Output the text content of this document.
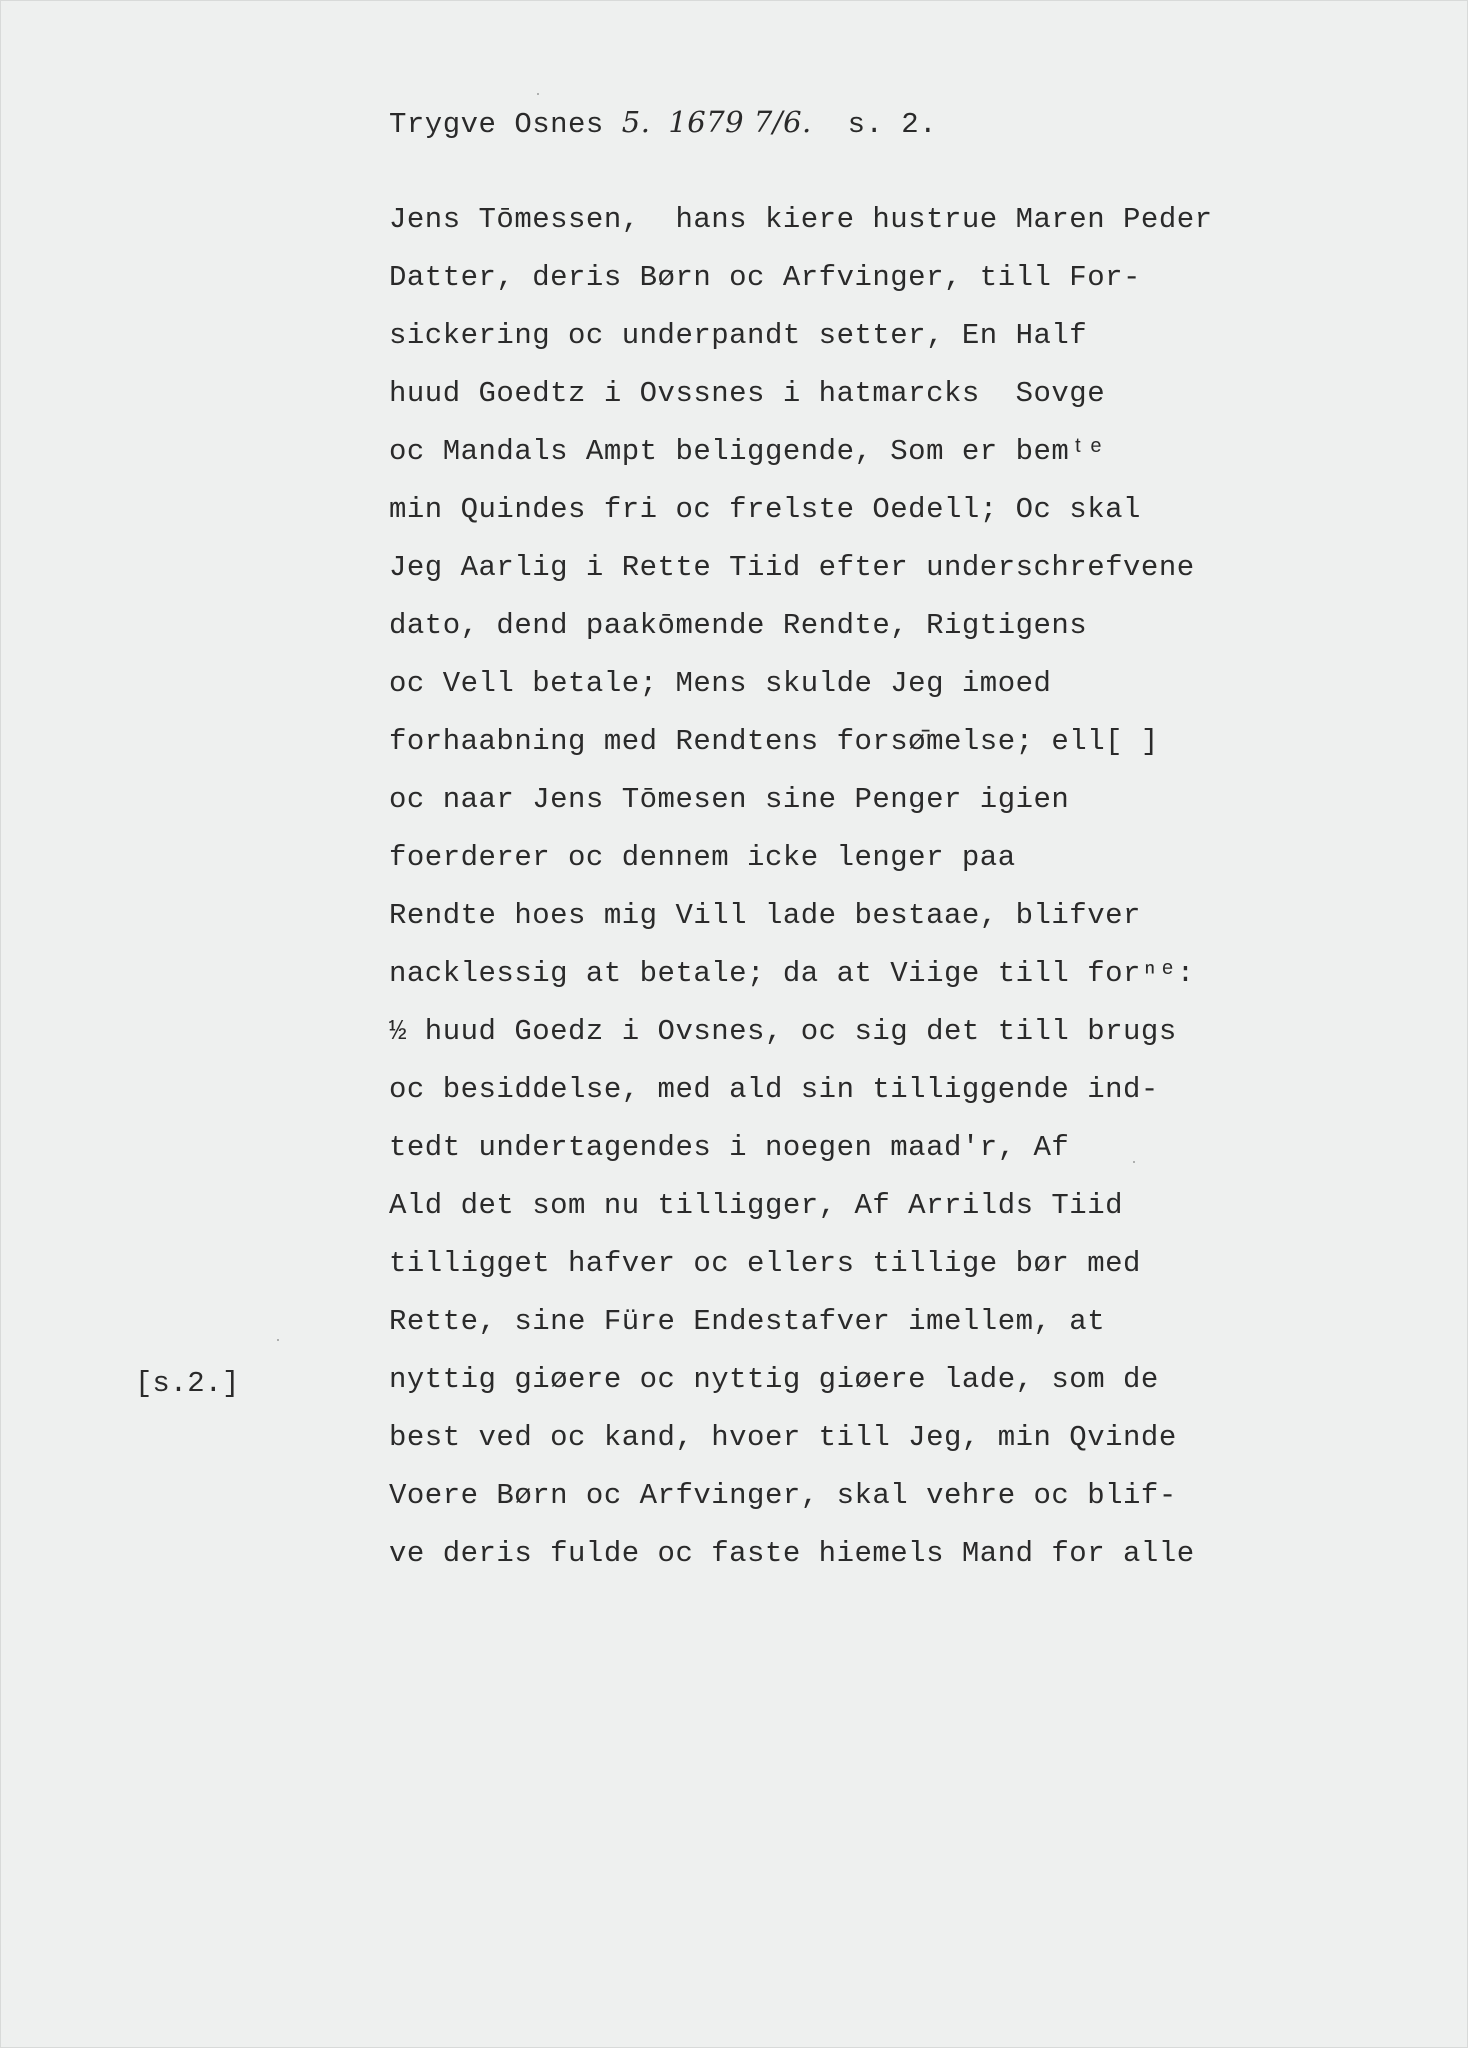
Trygve Osnes 5. 1679 7/6. s. 2.
Jens Tōmessen,  hans kiere hustrue Maren Peder
Datter, deris Børn oc Arfvinger, till For-
sickering oc underpandt setter, En Half
huud Goedtz i Ovssnes i hatmarcks  Sovge
oc Mandals Ampt beliggende, Som er bemᵗᵉ
min Quindes fri oc frelste Oedell; Oc skal
Jeg Aarlig i Rette Tiid efter underschrefvene
dato, dend paakōmende Rendte, Rigtigens
oc Vell betale; Mens skulde Jeg imoed
forhaabning med Rendtens forsø̄melse; ell[ ]
oc naar Jens Tōmesen sine Penger igien
foerderer oc dennem icke lenger paa
Rendte hoes mig Vill lade bestaae, blifver
nacklessig at betale; da at Viige till forⁿᵉ:
½ huud Goedz i Ovsnes, oc sig det till brugs
oc besiddelse, med ald sin tilliggende ind-
tedt undertagendes i noegen maad'r, Af
Ald det som nu tilligger, Af Arrilds Tiid
tilligget hafver oc ellers tillige bør med
Rette, sine Füre Endestafver imellem, at
nyttig giøere oc nyttig giøere lade, som de
best ved oc kand, hvoer till Jeg, min Qvinde
Voere Børn oc Arfvinger, skal vehre oc blif-
ve deris fulde oc faste hiemels Mand for alle
[s.2.]
